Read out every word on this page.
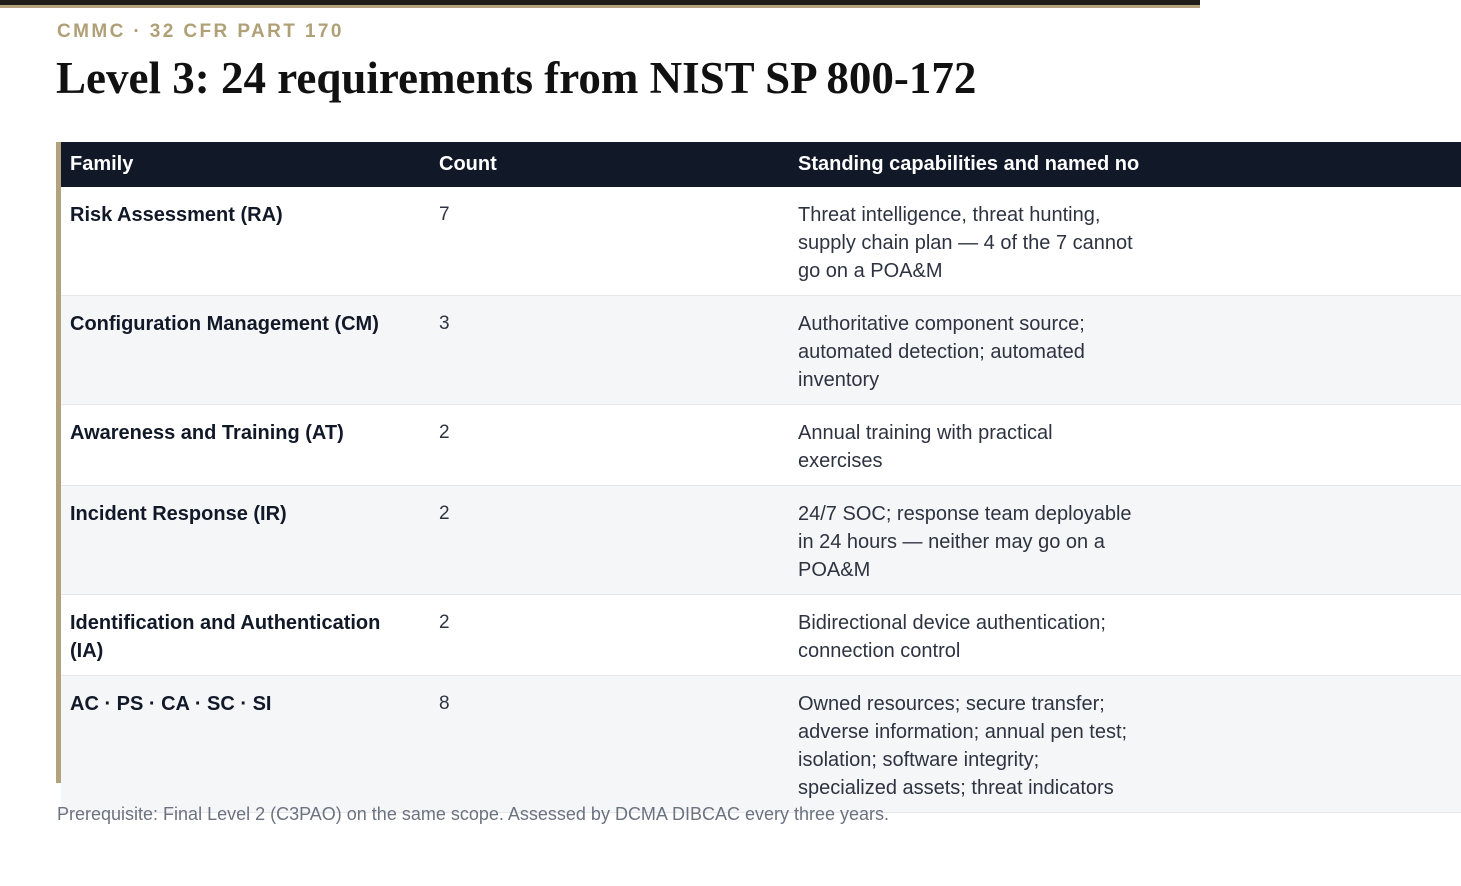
CMMC · 32 CFR PART 170
Level 3: 24 requirements from NIST SP 800-172
Family	Count	Standing capabilities and named no
Risk Assessment (RA)	7	Threat intelligence, threat hunting, supply chain plan — 4 of the 7 cannot go on a POA&M

Configuration Management (CM)	3	Authoritative component source; automated detection; automated inventory

Awareness and Training (AT)	2	Annual training with practical exercises

Incident Response (IR)	2	24/7 SOC; response team deployable in 24 hours — neither may go on a POA&M

Identification and Authentication (IA)	2	Bidirectional device authentication; connection control

AC · PS · CA · SC · SI	8	Owned resources; secure transfer; adverse information; annual pen test; isolation; software integrity; specialized assets; threat indicators

Prerequisite: Final Level 2 (C3PAO) on the same scope. Assessed by DCMA DIBCAC every three years.
